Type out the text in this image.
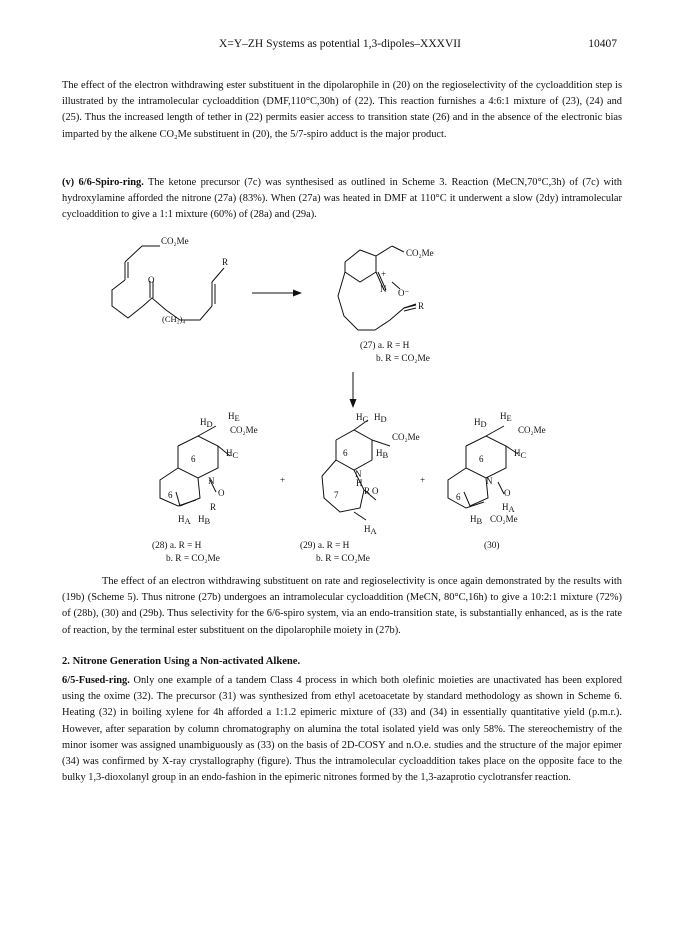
X=Y–ZH Systems as potential 1,3-dipoles–XXXVII	10407

The effect of the electron withdrawing ester substituent in the dipolarophile in (20) on the regioselectivity of the cycloaddition step is illustrated by the intramolecular cycloaddition (DMF,110°C,30h) of (22). This reaction furnishes a 4:6:1 mixture of (23), (24) and (25). Thus the increased length of tether in (22) permits easier access to transition state (26) and in the absence of the electronic bias imparted by the alkene CO₂Me substituent in (20), the 5/7-spiro adduct is the major product.

(v) 6/6-Spiro-ring. The ketone precursor (7c) was synthesised as outlined in Scheme 3. Reaction (MeCN,70°C,3h) of (7c) with hydroxylamine afforded the nitrone (27a) (83%). When (27a) was heated in DMF at 110°C it underwent a slow (2dy) intramolecular cycloaddition to give a 1:1 mixture (60%) of (28a) and (29a).

CO₂Me
R
O
(CH₂)₄
CO₂Me
+
N O⁻
R
(27) a. R = H
b. R = CO₂Me
HD
HE
CO₂Me
HC
6
N
O
6
R
HA HB
(28) a. R = H
b. R = CO₂Me
+
HC HD
CO₂Me
HB
6
N
H
R O
7
HA
(29) a. R = H
b. R = CO₂Me
+
HD
HE
CO₂Me
HC
6
N
O
6
HA
HB CO₂Me
(30)

The effect of an electron withdrawing substituent on rate and regioselectivity is once again demonstrated by the results with (19b) (Scheme 5). Thus nitrone (27b) undergoes an intramolecular cycloaddition (MeCN, 80°C,16h) to give a 10:2:1 mixture (72%) of (28b), (30) and (29b). Thus selectivity for the 6/6-spiro system, via an endo-transition state, is substantially enhanced, as is the rate of reaction, by the terminal ester substituent on the dipolarophile moiety in (27b).

2. Nitrone Generation Using a Non-activated Alkene.

6/5-Fused-ring. Only one example of a tandem Class 4 process in which both olefinic moieties are unactivated has been explored using the oxime (32). The precursor (31) was synthesized from ethyl acetoacetate by standard methodology as shown in Scheme 6. Heating (32) in boiling xylene for 4h afforded a 1:1.2 epimeric mixture of (33) and (34) in essentially quantitative yield (p.m.r.). However, after separation by column chromatography on alumina the total isolated yield was only 58%. The stereochemistry of the minor isomer was assigned unambiguously as (33) on the basis of 2D-COSY and n.O.e. studies and the structure of the major epimer (34) was confirmed by X-ray crystallography (figure). Thus the intramolecular cycloaddition takes place on the opposite face to the bulky 1,3-dioxolanyl group in an endo-fashion in the epimeric nitrones formed by the 1,3-azaprotio cyclotransfer reaction.
